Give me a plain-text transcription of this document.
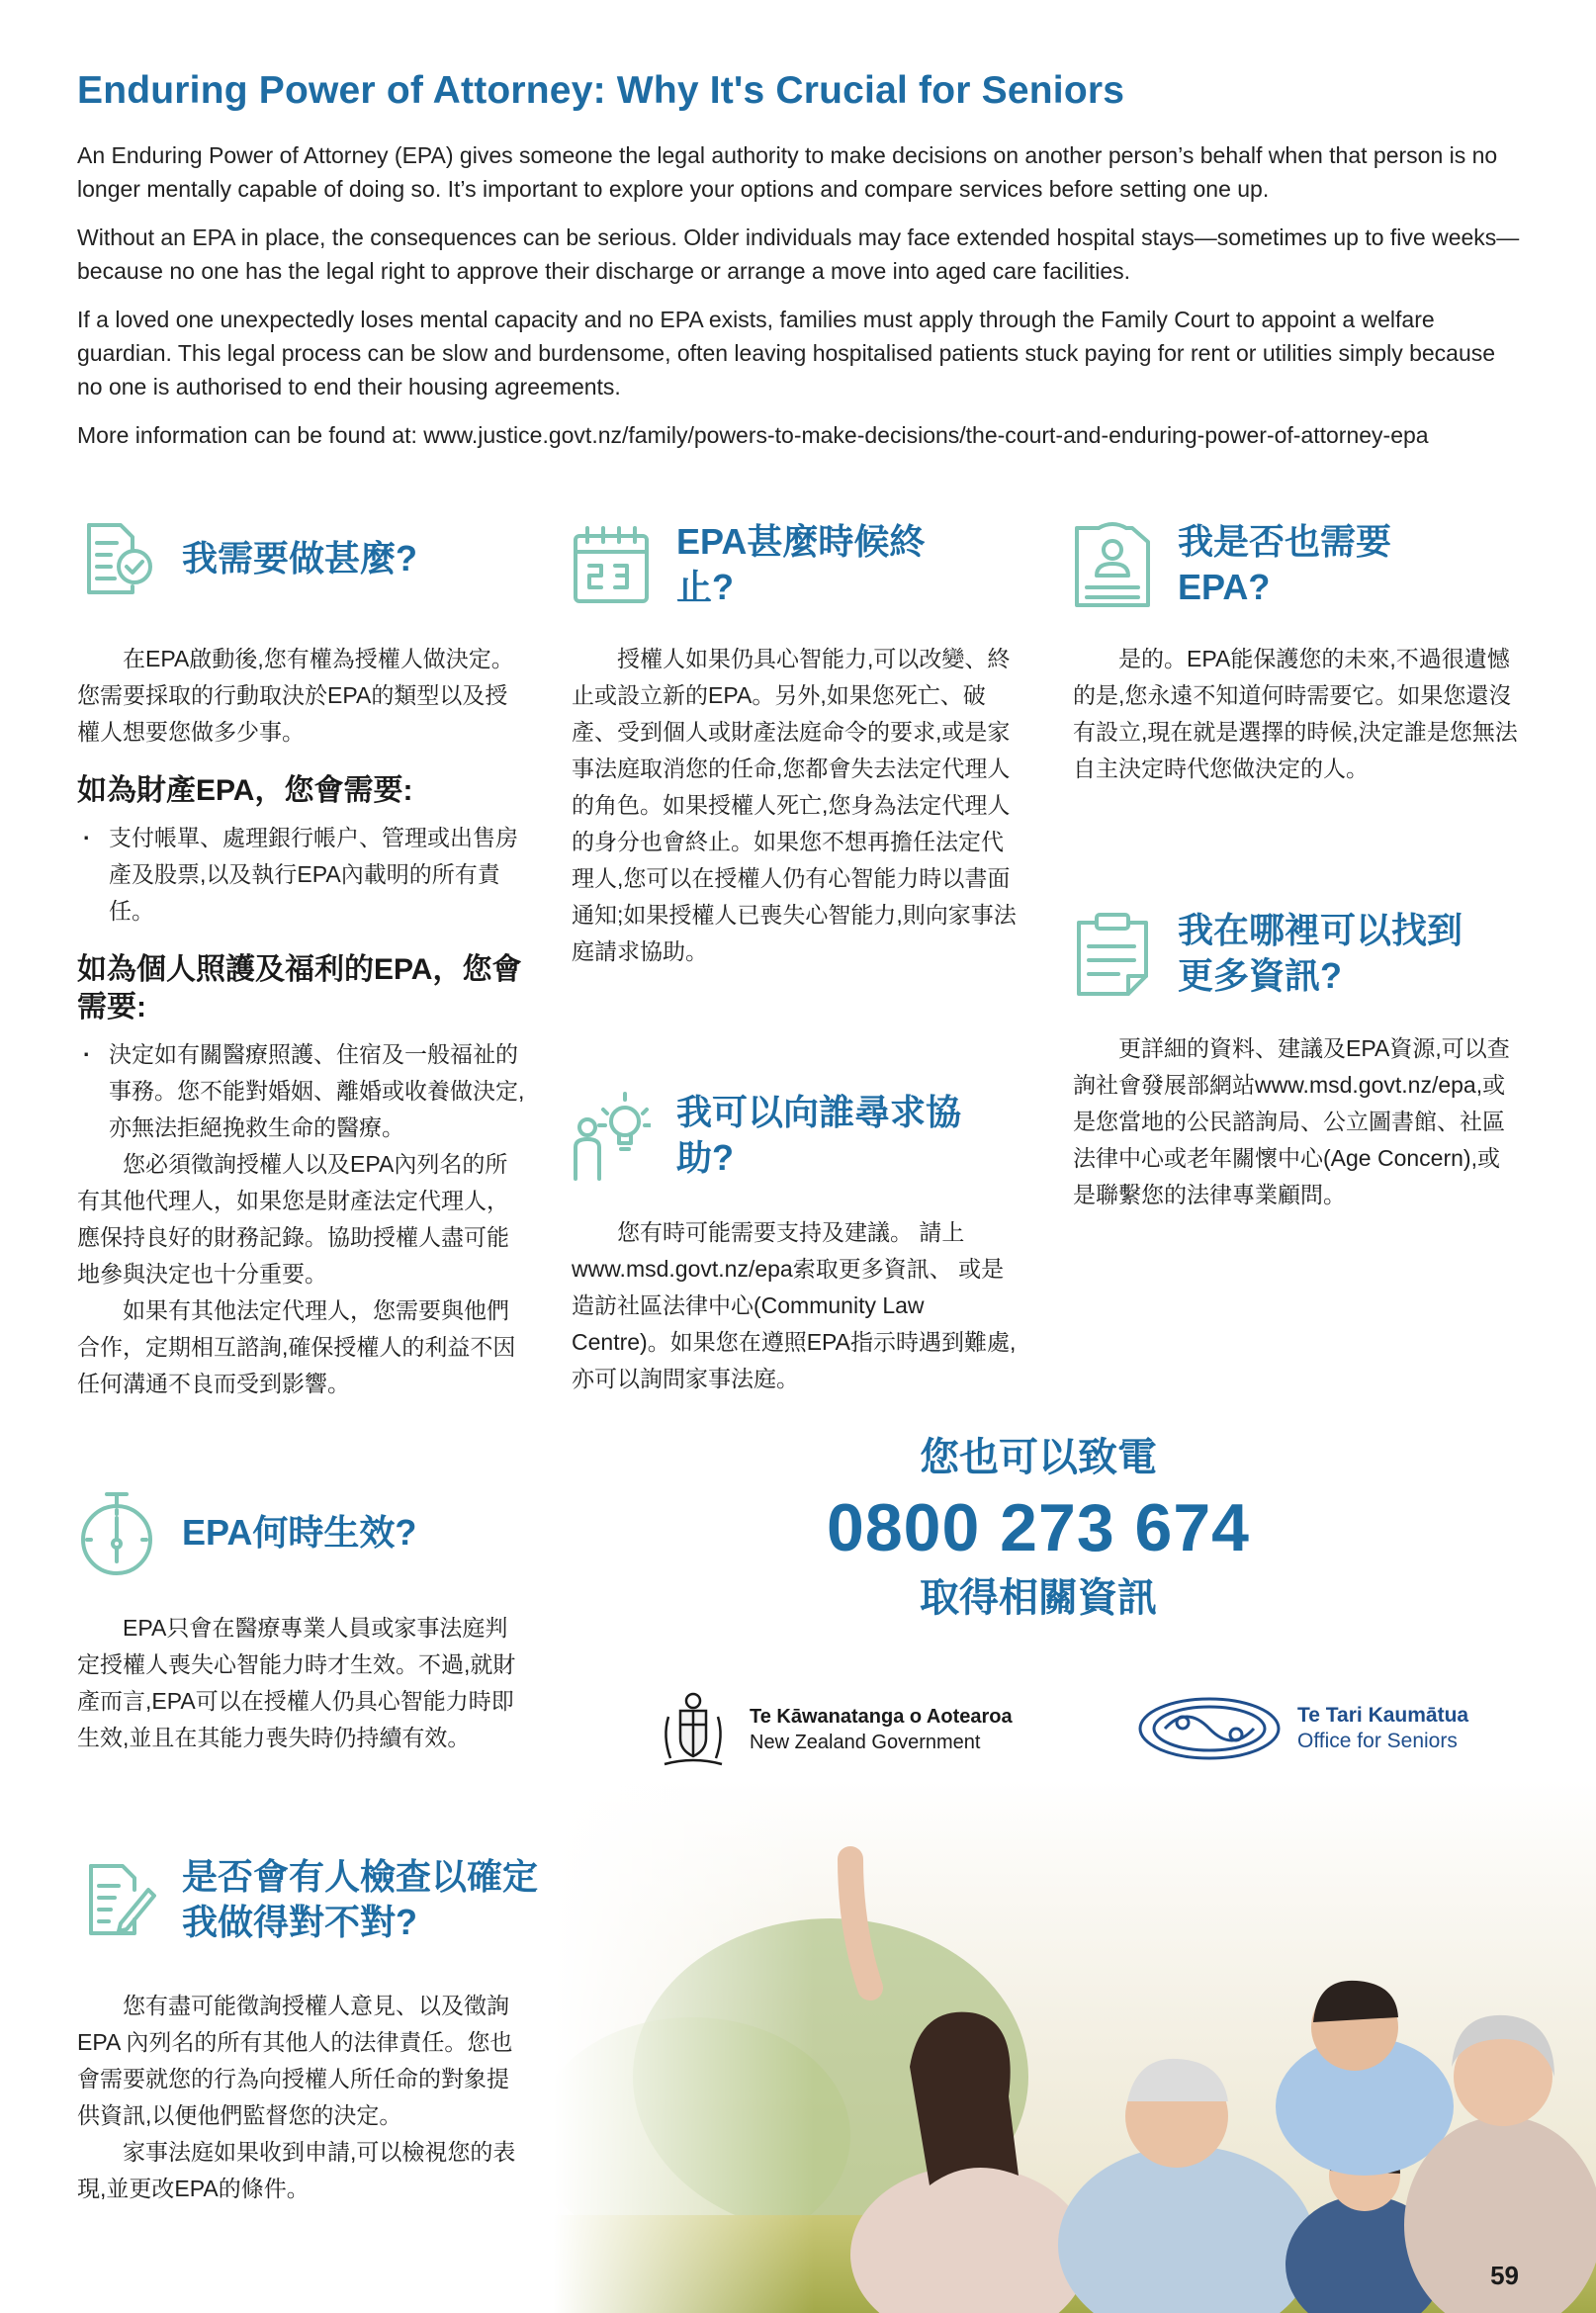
Enduring Power of Attorney: Why It's Crucial for Seniors

An Enduring Power of Attorney (EPA) gives someone the legal authority to make decisions on another person’s behalf when that person is no longer mentally capable of doing so. It’s important to explore your options and compare services before setting one up.

Without an EPA in place, the consequences can be serious. Older individuals may face extended hospital stays—sometimes up to five weeks—because no one has the legal right to approve their discharge or arrange a move into aged care facilities.

If a loved one unexpectedly loses mental capacity and no EPA exists, families must apply through the Family Court to appoint a welfare guardian. This legal process can be slow and burdensome, often leaving hospitalised patients stuck paying for rent or utilities simply because no one is authorised to end their housing agreements.

More information can be found at: www.justice.govt.nz/family/powers-to-make-decisions/the-court-and-enduring-power-of-attorney-epa

我需要做甚麼?

在EPA啟動後,您有權為授權人做決定。您需要採取的行動取決於EPA的類型以及授權人想要您做多少事。

如為財產EPA，您會需要:
· 支付帳單、處理銀行帳户、管理或出售房產及股票,以及執行EPA內載明的所有責任。
如為個人照護及福利的EPA，您會需要:
· 決定如有關醫療照護、住宿及一般福祉的事務。您不能對婚姻、離婚或收養做決定,亦無法拒絕挽救生命的醫療。

您必須徵詢授權人以及EPA內列名的所有其他代理人，如果您是財產法定代理人，應保持良好的財務記錄。協助授權人盡可能地參與決定也十分重要。

如果有其他法定代理人，您需要與他們合作，定期相互諮詢,確保授權人的利益不因任何溝通不良而受到影響。

EPA何時生效?

EPA只會在醫療專業人員或家事法庭判定授權人喪失心智能力時才生效。不過,就財產而言,EPA可以在授權人仍具心智能力時即生效,並且在其能力喪失時仍持續有效。

是否會有人檢查以確定我做得對不對?

您有盡可能徵詢授權人意見、以及徵詢EPA 內列名的所有其他人的法律責任。您也會需要就您的行為向授權人所任命的對象提供資訊,以便他們監督您的決定。

家事法庭如果收到申請,可以檢視您的表現,並更改EPA的條件。

EPA甚麼時候終止?

授權人如果仍具心智能力,可以改變、終止或設立新的EPA。另外,如果您死亡、破產、受到個人或財產法庭命令的要求,或是家事法庭取消您的任命,您都會失去法定代理人的角色。如果授權人死亡,您身為法定代理人的身分也會終止。如果您不想再擔任法定代理人,您可以在授權人仍有心智能力時以書面通知;如果授權人已喪失心智能力,則向家事法庭請求協助。

我可以向誰尋求協助?

您有時可能需要支持及建議。 請上www.msd.govt.nz/epa索取更多資訊、 或是造訪社區法律中心(Community Law Centre)。如果您在遵照EPA指示時遇到難處,亦可以詢問家事法庭。

我是否也需要EPA?

是的。EPA能保護您的未來,不過很遺憾的是,您永遠不知道何時需要它。如果您還沒有設立,現在就是選擇的時候,決定誰是您無法自主決定時代您做決定的人。

我在哪裡可以找到更多資訊?

更詳細的資料、建議及EPA資源,可以查詢社會發展部網站www.msd.govt.nz/epa,或是您當地的公民諮詢局、公立圖書館、社區法律中心或老年關懷中心(Age Concern),或是聯繫您的法律專業顧問。

您也可以致電
0800 273 674
取得相關資訊
Te Kāwanatanga o Aotearoa
New Zealand Government
Te Tari Kaumātua
Office for Seniors
59
